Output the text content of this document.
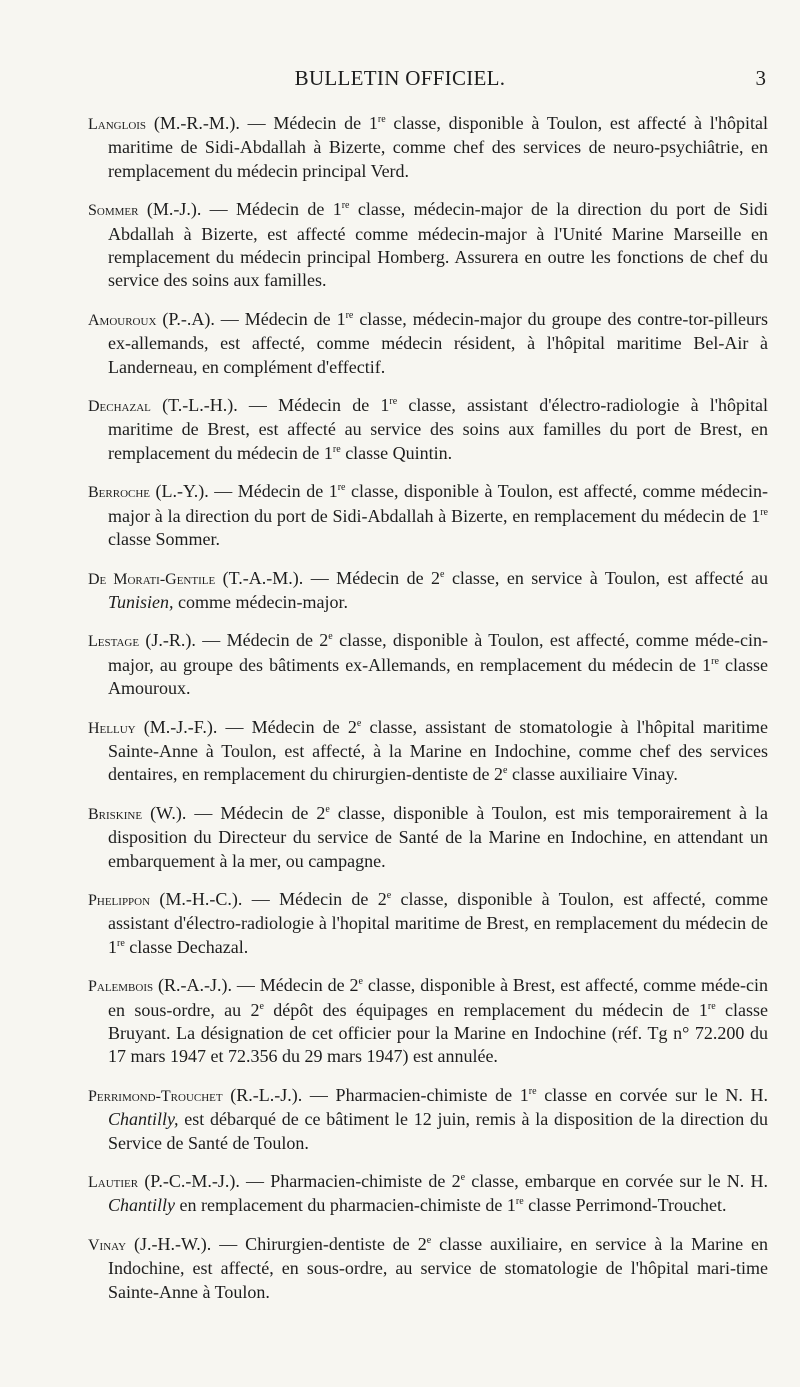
BULLETIN OFFICIEL.	3

Langlois (M.-R.-M.). — Médecin de 1re classe, disponible à Toulon, est affecté à l'hôpital maritime de Sidi-Abdallah à Bizerte, comme chef des services de neuro-psychiâtrie, en remplacement du médecin principal Verd.

Sommer (M.-J.). — Médecin de 1re classe, médecin-major de la direction du port de Sidi Abdallah à Bizerte, est affecté comme médecin-major à l'Unité Marine Marseille en remplacement du médecin principal Homberg. Assurera en outre les fonctions de chef du service des soins aux familles.

Amouroux (P.-.A). — Médecin de 1re classe, médecin-major du groupe des contre-tor-pilleurs ex-allemands, est affecté, comme médecin résident, à l'hôpital maritime Bel-Air à Landerneau, en complément d'effectif.

Dechazal (T.-L.-H.). — Médecin de 1re classe, assistant d'électro-radiologie à l'hôpital maritime de Brest, est affecté au service des soins aux familles du port de Brest, en remplacement du médecin de 1re classe Quintin.

Berroche (L.-Y.). — Médecin de 1re classe, disponible à Toulon, est affecté, comme médecin-major à la direction du port de Sidi-Abdallah à Bizerte, en remplacement du médecin de 1re classe Sommer.

De Morati-Gentile (T.-A.-M.). — Médecin de 2e classe, en service à Toulon, est affecté au Tunisien, comme médecin-major.

Lestage (J.-R.). — Médecin de 2e classe, disponible à Toulon, est affecté, comme méde-cin-major, au groupe des bâtiments ex-Allemands, en remplacement du médecin de 1re classe Amouroux.

Helluy (M.-J.-F.). — Médecin de 2e classe, assistant de stomatologie à l'hôpital maritime Sainte-Anne à Toulon, est affecté, à la Marine en Indochine, comme chef des services dentaires, en remplacement du chirurgien-dentiste de 2e classe auxiliaire Vinay.

Briskine (W.). — Médecin de 2e classe, disponible à Toulon, est mis temporairement à la disposition du Directeur du service de Santé de la Marine en Indochine, en attendant un embarquement à la mer, ou campagne.

Phelippon (M.-H.-C.). — Médecin de 2e classe, disponible à Toulon, est affecté, comme assistant d'électro-radiologie à l'hopital maritime de Brest, en remplacement du médecin de 1re classe Dechazal.

Palembois (R.-A.-J.). — Médecin de 2e classe, disponible à Brest, est affecté, comme méde-cin en sous-ordre, au 2e dépôt des équipages en remplacement du médecin de 1re classe Bruyant. La désignation de cet officier pour la Marine en Indochine (réf. Tg n° 72.200 du 17 mars 1947 et 72.356 du 29 mars 1947) est annulée.

Perrimond-Trouchet (R.-L.-J.). — Pharmacien-chimiste de 1re classe en corvée sur le N. H. Chantilly, est débarqué de ce bâtiment le 12 juin, remis à la disposition de la direction du Service de Santé de Toulon.

Lautier (P.-C.-M.-J.). — Pharmacien-chimiste de 2e classe, embarque en corvée sur le N. H. Chantilly en remplacement du pharmacien-chimiste de 1re classe Perrimond-Trouchet.

Vinay (J.-H.-W.). — Chirurgien-dentiste de 2e classe auxiliaire, en service à la Marine en Indochine, est affecté, en sous-ordre, au service de stomatologie de l'hôpital mari-time Sainte-Anne à Toulon.
